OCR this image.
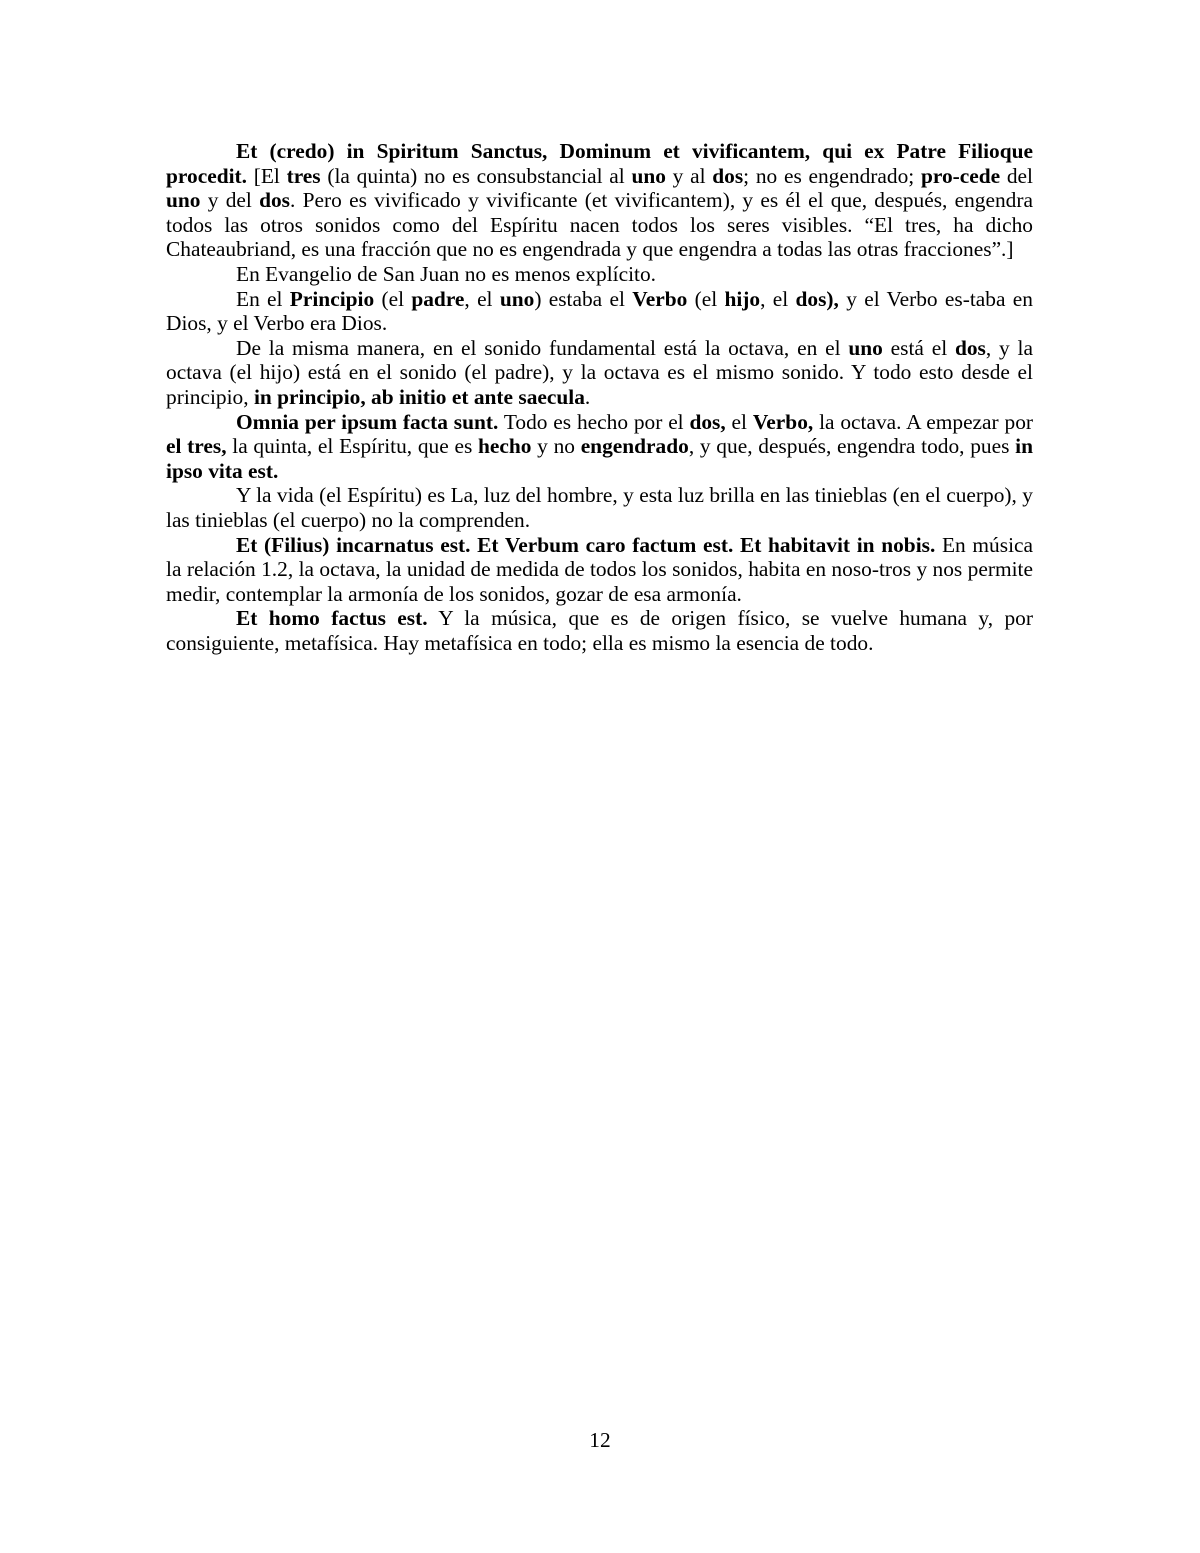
Et (credo) in Spiritum Sanctus, Dominum et vivificantem, qui ex Patre Filioque procedit. [El tres (la quinta) no es consubstancial al uno y al dos; no es engendrado; pro-cede del uno y del dos. Pero es vivificado y vivificante (et vivificantem), y es él el que, después, engendra todos las otros sonidos como del Espíritu nacen todos los seres visibles. “El tres, ha dicho Chateaubriand, es una fracción que no es engendrada y que engendra a todas las otras fracciones”.]

En Evangelio de San Juan no es menos explícito.

En el Principio (el padre, el uno) estaba el Verbo (el hijo, el dos), y el Verbo es-taba en Dios, y el Verbo era Dios.

De la misma manera, en el sonido fundamental está la octava, en el uno está el dos, y la octava (el hijo) está en el sonido (el padre), y la octava es el mismo sonido. Y todo esto desde el principio, in principio, ab initio et ante saecula.

Omnia per ipsum facta sunt. Todo es hecho por el dos, el Verbo, la octava. A empezar por el tres, la quinta, el Espíritu, que es hecho y no engendrado, y que, después, engendra todo, pues in ipso vita est.

Y la vida (el Espíritu) es La, luz del hombre, y esta luz brilla en las tinieblas (en el cuerpo), y las tinieblas (el cuerpo) no la comprenden.

Et (Filius) incarnatus est. Et Verbum caro factum est. Et habitavit in nobis. En música la relación 1.2, la octava, la unidad de medida de todos los sonidos, habita en noso-tros y nos permite medir, contemplar la armonía de los sonidos, gozar de esa armonía.

Et homo factus est. Y la música, que es de origen físico, se vuelve humana y, por consiguiente, metafísica. Hay metafísica en todo; ella es mismo la esencia de todo.

12
